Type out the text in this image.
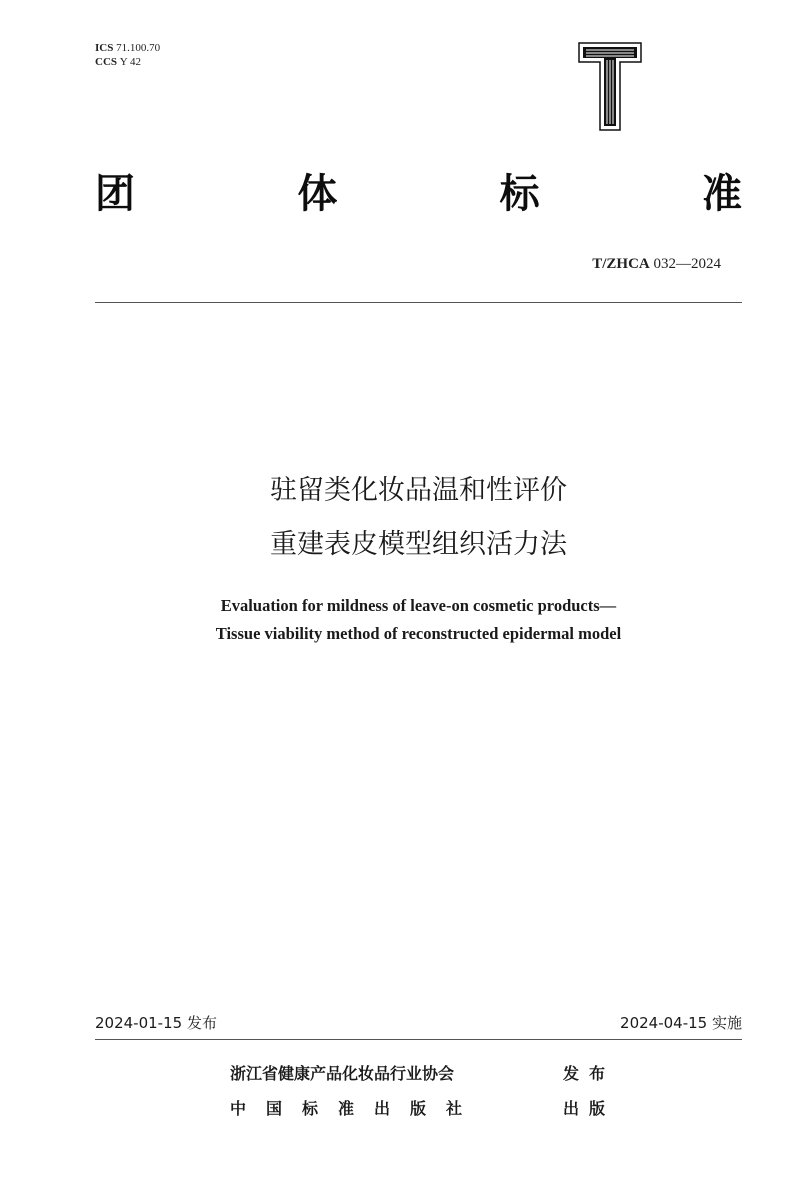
ICS 71.100.70
CCS Y 42
团	体	标	准
T/ZHCA 032—2024
驻留类化妆品温和性评价
重建表皮模型组织活力法
Evaluation for mildness of leave-on cosmetic products—
Tissue viability method of reconstructed epidermal model
2024-01-15 发布	2024-04-15 实施
浙江省健康产品化妆品行业协会	发布
中国标准出版社	出版
